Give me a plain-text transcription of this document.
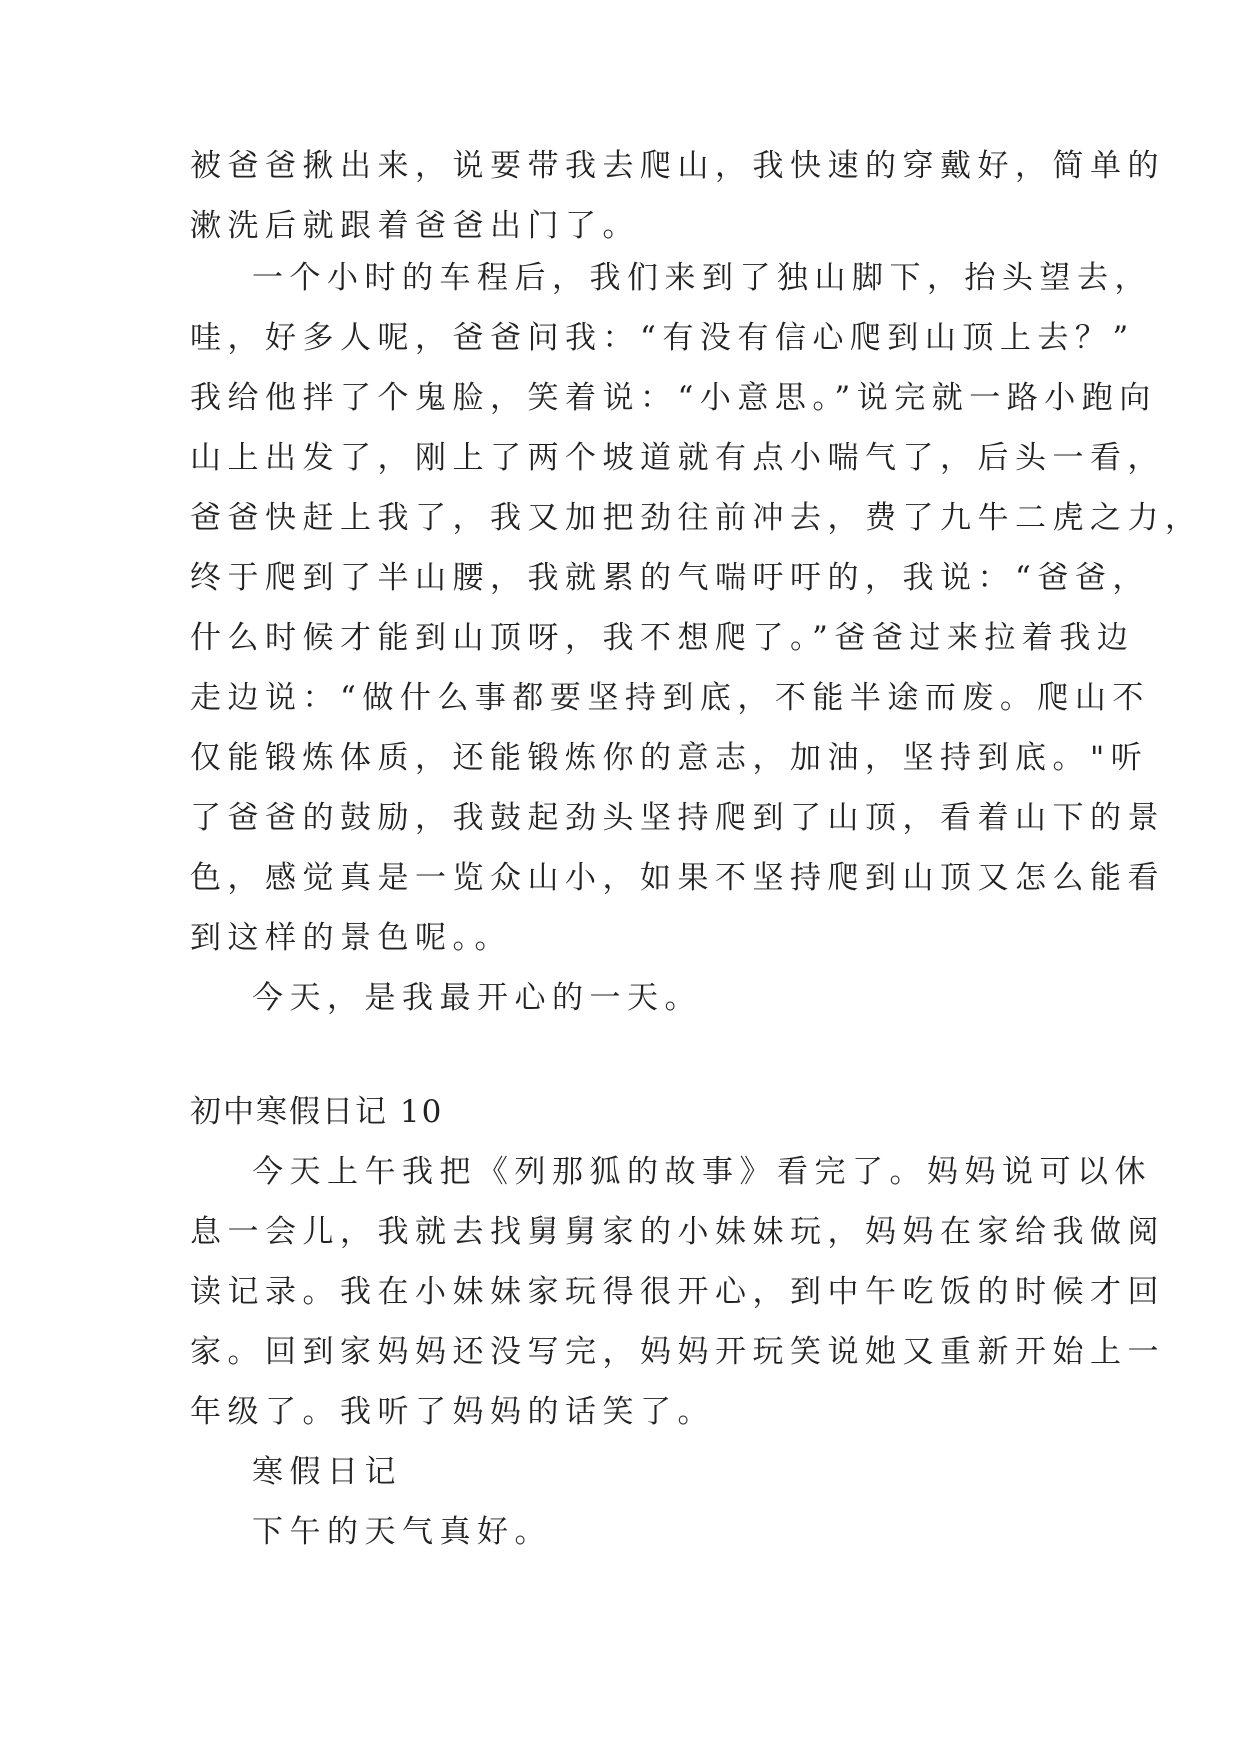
被爸爸揪出来，说要带我去爬山，我快速的穿戴好，简单的
漱洗后就跟着爸爸出门了。
一个小时的车程后，我们来到了独山脚下，抬头望去，
哇，好多人呢，爸爸问我：“有没有信心爬到山顶上去？”
我给他拌了个鬼脸，笑着说：“小意思。”说完就一路小跑向
山上出发了，刚上了两个坡道就有点小喘气了，后头一看，
爸爸快赶上我了，我又加把劲往前冲去，费了九牛二虎之力，
终于爬到了半山腰，我就累的气喘吁吁的，我说：“爸爸，
什么时候才能到山顶呀，我不想爬了。”爸爸过来拉着我边
走边说：“做什么事都要坚持到底，不能半途而废。爬山不
仅能锻炼体质，还能锻炼你的意志，加油，坚持到底。"听
了爸爸的鼓励，我鼓起劲头坚持爬到了山顶，看着山下的景
色，感觉真是一览众山小，如果不坚持爬到山顶又怎么能看
到这样的景色呢。。
今天，是我最开心的一天。
初中寒假日记 10
今天上午我把《列那狐的故事》看完了。妈妈说可以休
息一会儿，我就去找舅舅家的小妹妹玩，妈妈在家给我做阅
读记录。我在小妹妹家玩得很开心，到中午吃饭的时候才回
家。回到家妈妈还没写完，妈妈开玩笑说她又重新开始上一
年级了。我听了妈妈的话笑了。
寒假日记
下午的天气真好。
